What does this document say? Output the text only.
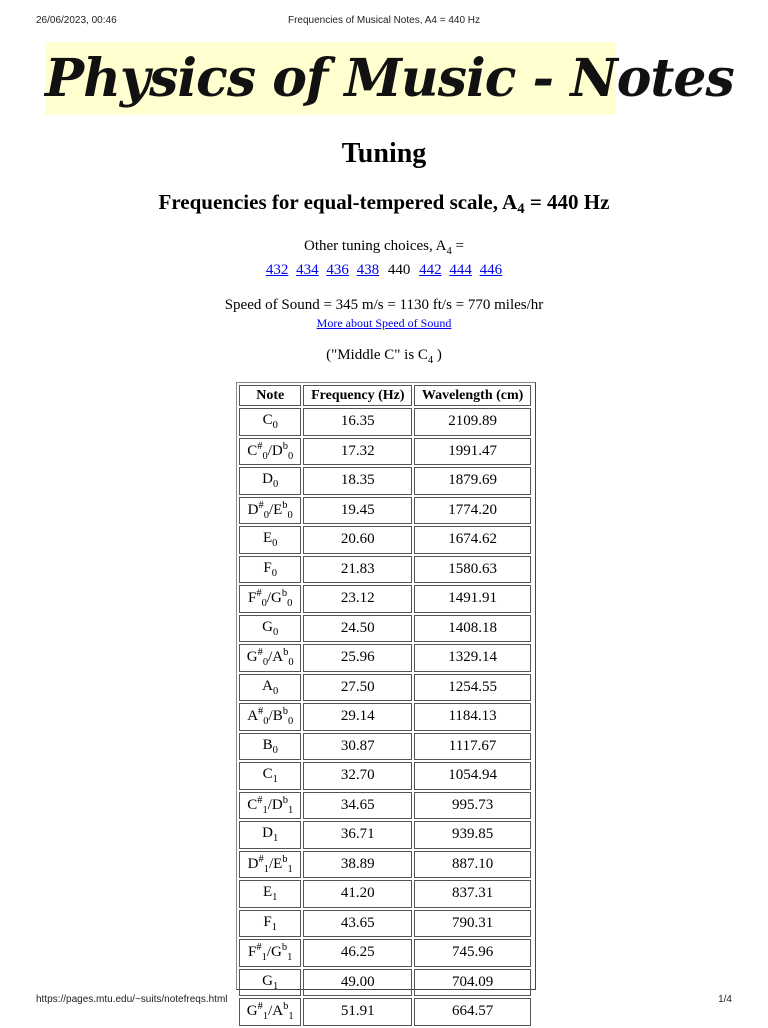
26/06/2023, 00:46	Frequencies of Musical Notes, A4 = 440 Hz
Physics of Music - Notes
Tuning
Frequencies for equal-tempered scale, $A_4 = 440$ Hz
Other tuning choices, $A_4$ =
432 434 436 438 440 442 444 446
Speed of Sound = 345 m/s = 1130 ft/s = 770 miles/hr
More about Speed of Sound
("Middle C" is $C_4$ )
Note	Frequency (Hz)	Wavelength (cm)
$C_0$	16.35	2109.89
$C^{\#}_0/D^b_0$	17.32	1991.47
$D_0$	18.35	1879.69
$D^{\#}_0/E^b_0$	19.45	1774.20
$E_0$	20.60	1674.62
$F_0$	21.83	1580.63
$F^{\#}_0/G^b_0$	23.12	1491.91
$G_0$	24.50	1408.18
$G^{\#}_0/A^b_0$	25.96	1329.14
$A_0$	27.50	1254.55
$A^{\#}_0/B^b_0$	29.14	1184.13
$B_0$	30.87	1117.67
$C_1$	32.70	1054.94
$C^{\#}_1/D^b_1$	34.65	995.73
$D_1$	36.71	939.85
$D^{\#}_1/E^b_1$	38.89	887.10
$E_1$	41.20	837.31
$F_1$	43.65	790.31
$F^{\#}_1/G^b_1$	46.25	745.96
$G_1$	49.00	704.09
$G^{\#}_1/A^b_1$	51.91	664.57
https://pages.mtu.edu/~suits/notefreqs.html	1/4
